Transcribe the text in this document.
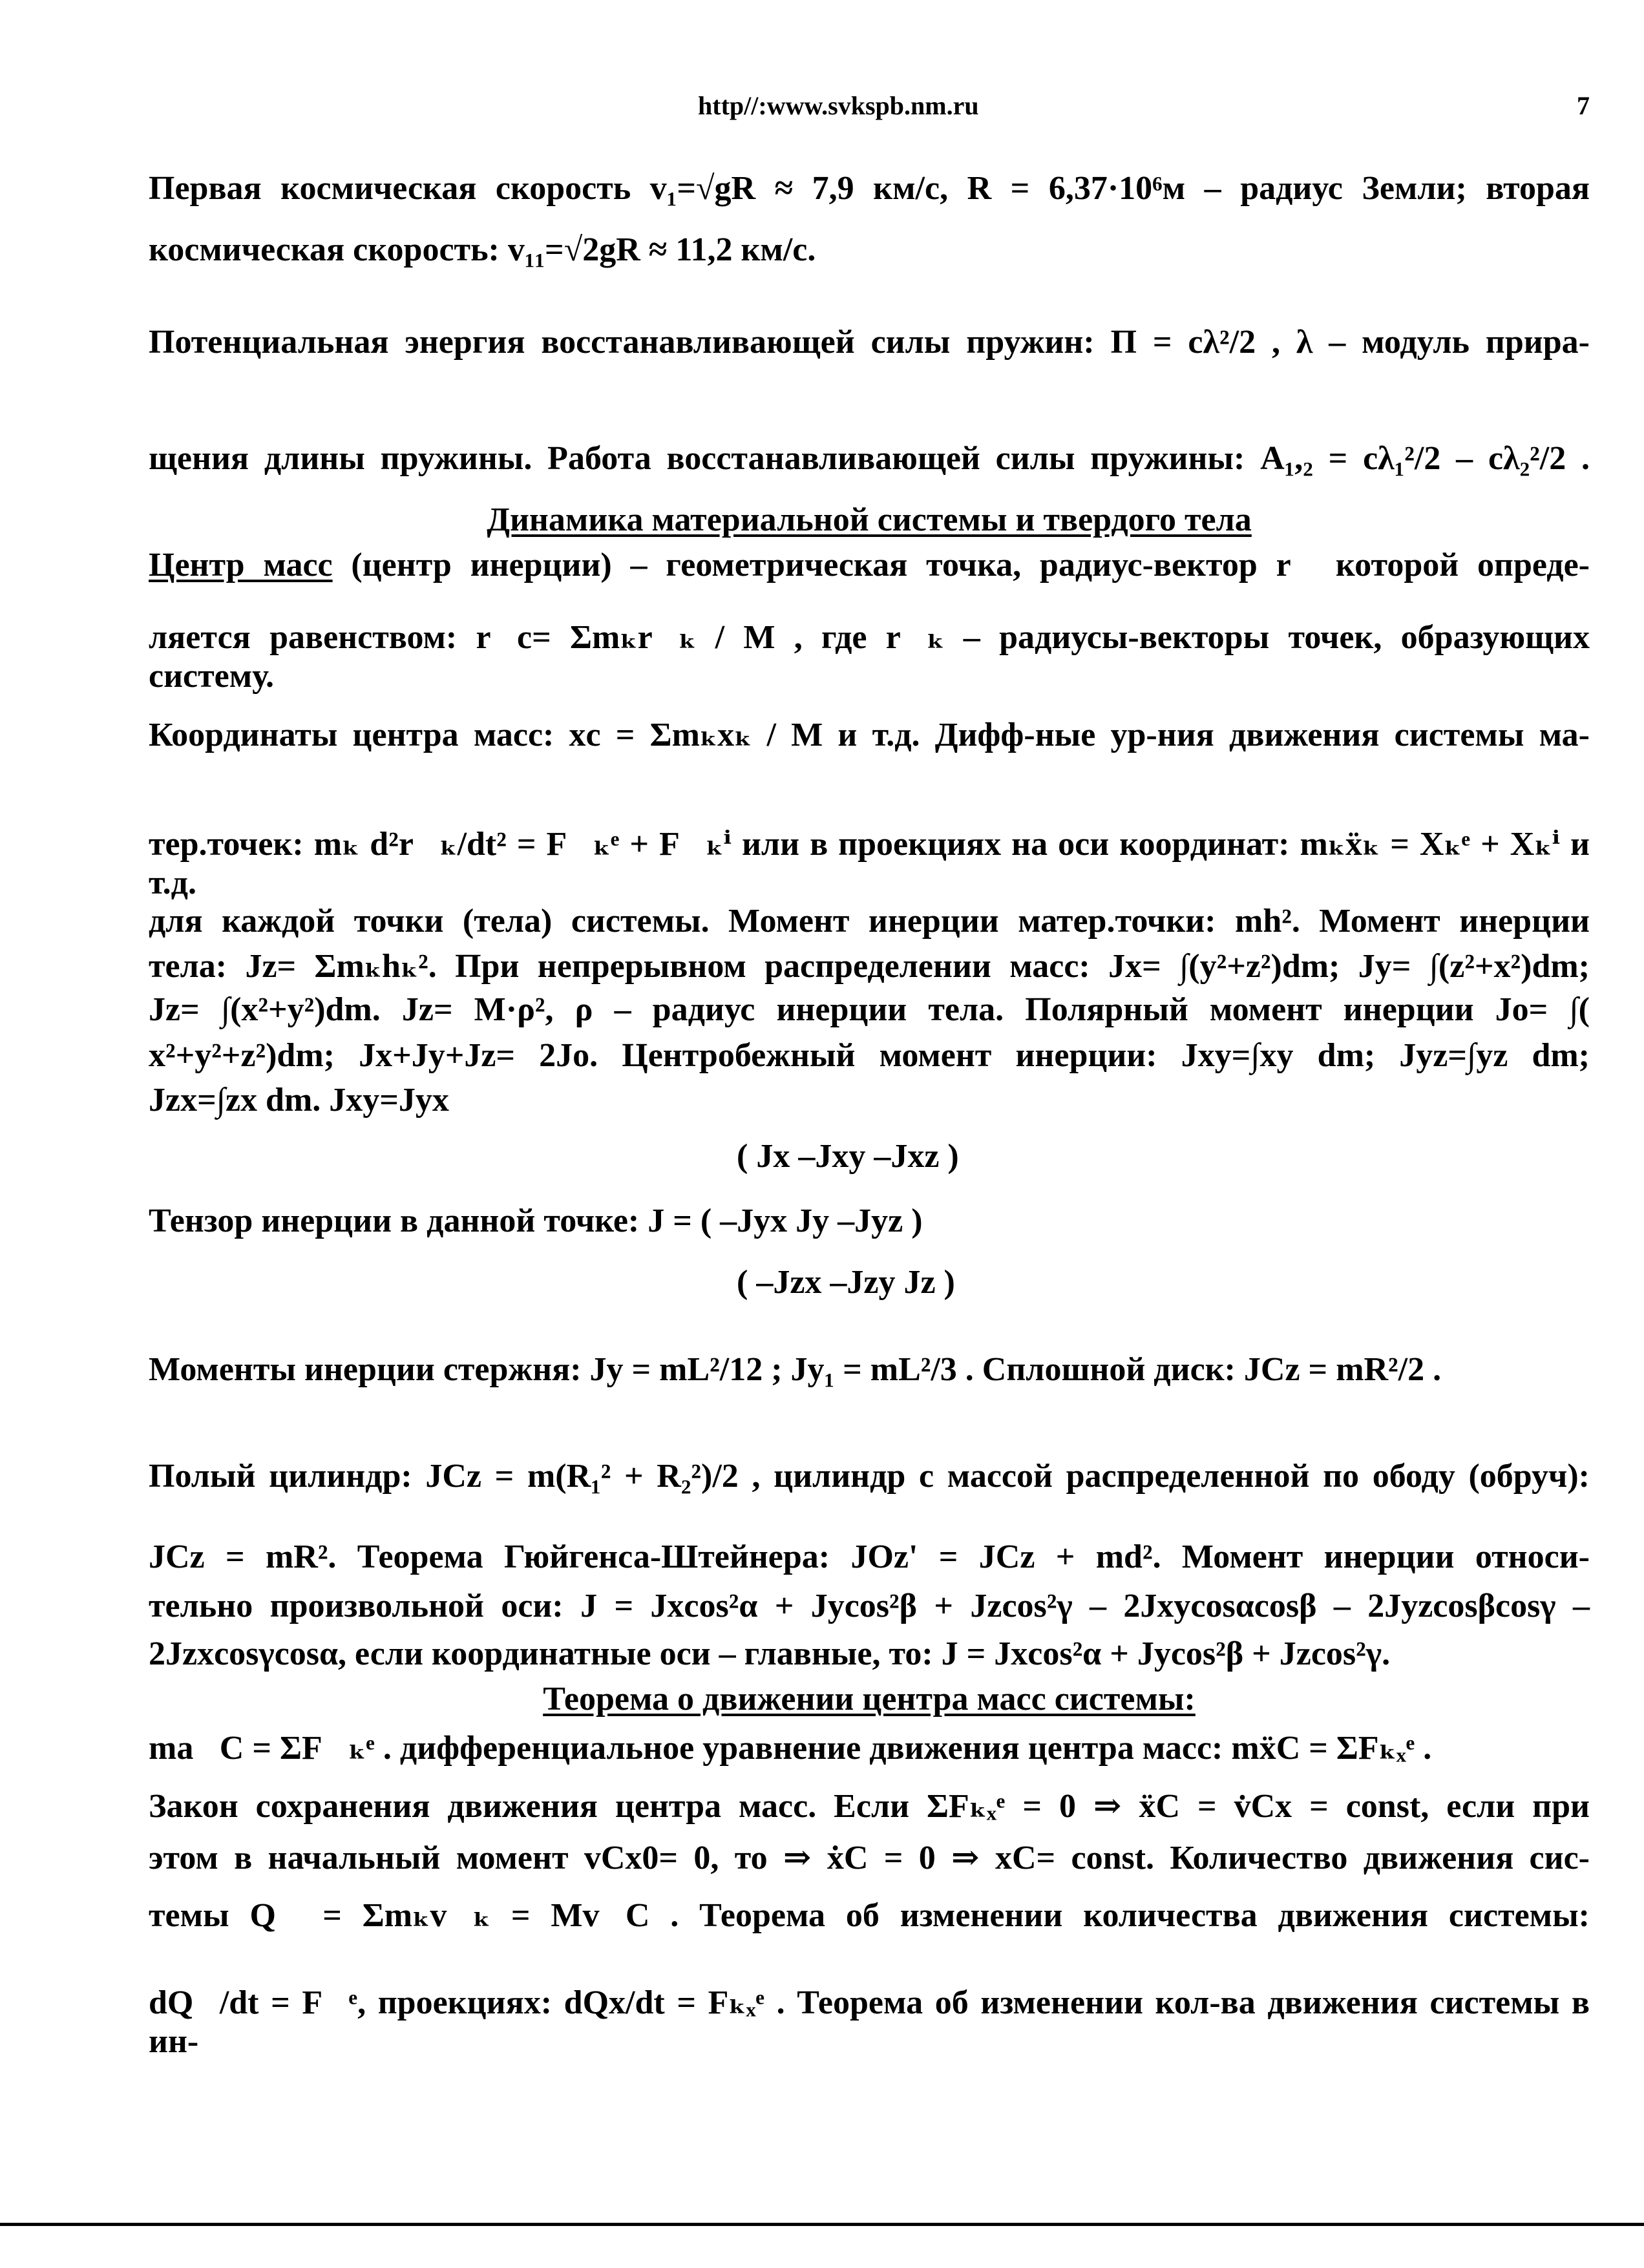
http//:www.svkspb.nm.ru	7
Первая космическая скорость v₁=√gR ≈ 7,9 км/с, R = 6,37·10⁶м – радиус Земли; вторая
космическая скорость: v₁₁=√2gR ≈ 11,2 км/с.
Потенциальная энергия восстанавливающей силы пружин: П = cλ²/2 , λ – модуль прира-
щения длины пружины. Работа восстанавливающей силы пружины: A₁,₂ = cλ₁²/2 – cλ₂²/2 .
Динамика материальной системы и твердого тела
Центр масс (центр инерции) – геометрическая точка, радиус-вектор r⃗ которой опреде-
ляется равенством: r⃗c= Σmₖr⃗ₖ / M , где r⃗ₖ – радиусы-векторы точек, образующих систему.
Координаты центра масс: xc = Σmₖxₖ / M и т.д. Дифф-ные ур-ния движения системы ма-
тер.точек: mₖ d²r⃗ₖ/dt² = F⃗ₖᵉ + F⃗ₖⁱ или в проекциях на оси координат: mₖẍₖ = Xₖᵉ + Xₖⁱ и т.д.
для каждой точки (тела) системы. Момент инерции матер.точки: mh². Момент инерции
тела: Jz= Σmₖhₖ². При непрерывном распределении масс: Jx= ∫(y²+z²)dm; Jy= ∫(z²+x²)dm;
Jz= ∫(x²+y²)dm. Jz= M·ρ², ρ – радиус инерции тела. Полярный момент инерции Jo= ∫(
x²+y²+z²)dm; Jx+Jy+Jz= 2Jo. Центробежный момент инерции: Jxy=∫xy dm; Jyz=∫yz dm;
Jzx=∫zx dm. Jxy=Jyx
( Jx –Jxy –Jxz )
Тензор инерции в данной точке: J = ( –Jyx Jy –Jyz )
( –Jzx –Jzy Jz )
Моменты инерции стержня: Jy = mL²/12 ; Jy₁ = mL²/3 . Сплошной диск: JCz = mR²/2 .
Полый цилиндр: JCz = m(R₁² + R₂²)/2 , цилиндр с массой распределенной по ободу (обруч):
JCz = mR². Теорема Гюйгенса-Штейнера: JOz' = JCz + md². Момент инерции относи-
тельно произвольной оси: J = Jxcos²α + Jycos²β + Jzcos²γ – 2Jxycosαcosβ – 2Jyzcosβcosγ –
2Jzxcosγcosα, если координатные оси – главные, то: J = Jxcos²α + Jycos²β + Jzcos²γ.
Теорема о движении центра масс системы:
ma⃗C = ΣF⃗ₖᵉ . дифференциальное уравнение движения центра масс: mẍC = ΣFₖₓᵉ .
Закон сохранения движения центра масс. Если ΣFₖₓᵉ = 0 ⇒ ẍC = v̇Cx = const, если при
этом в начальный момент vCx0= 0, то ⇒ ẋC = 0 ⇒ xC= const. Количество движения сис-
темы Q⃗ = Σmₖv⃗ₖ = Mv⃗C . Теорема об изменении количества движения системы:
dQ⃗/dt = F⃗ᵉ, проекциях: dQx/dt = Fₖₓᵉ . Теорема об изменении кол-ва движения системы в ин-
